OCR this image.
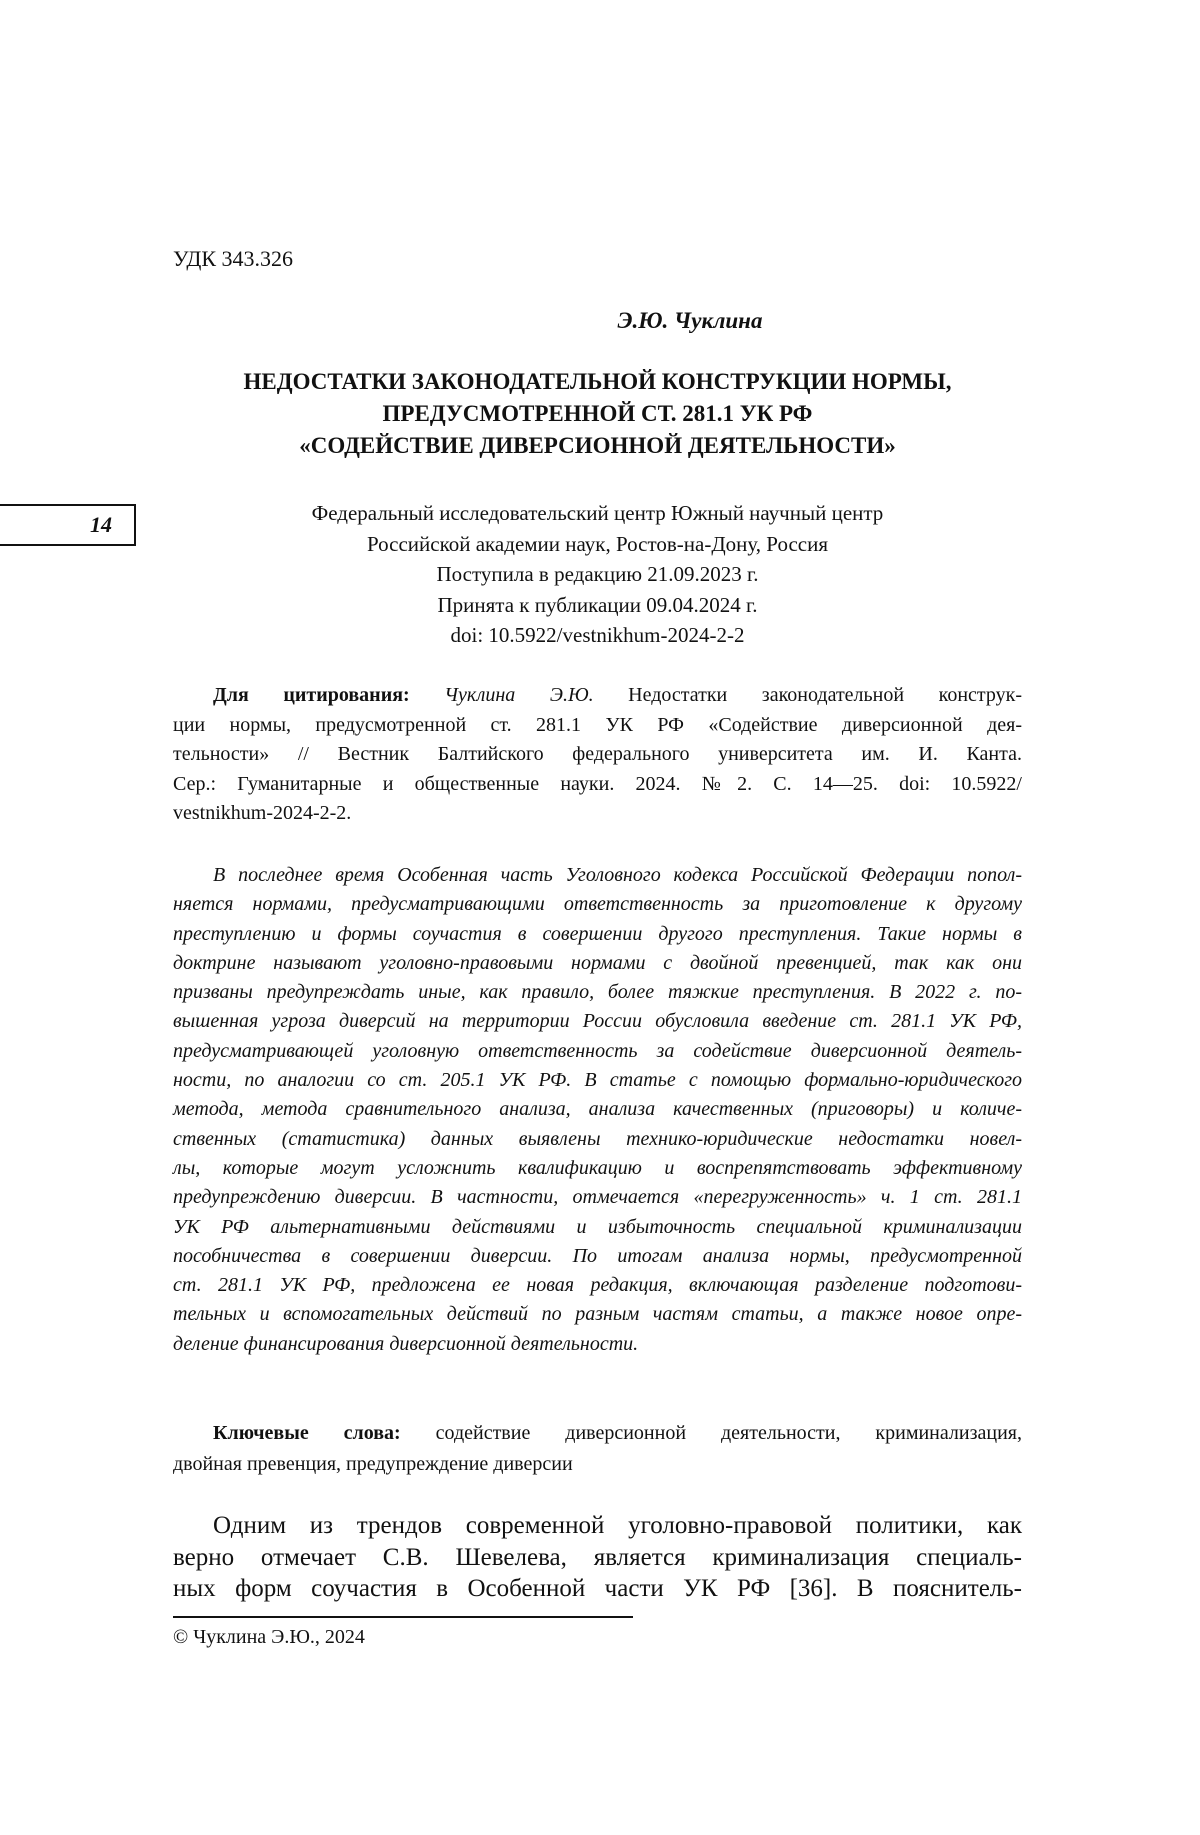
УДК 343.326
Э.Ю. Чуклина
НЕДОСТАТКИ ЗАКОНОДАТЕЛЬНОЙ КОНСТРУКЦИИ НОРМЫ,
ПРЕДУСМОТРЕННОЙ СТ. 281.1 УК РФ
«СОДЕЙСТВИЕ ДИВЕРСИОННОЙ ДЕЯТЕЛЬНОСТИ»
14	Федеральный исследовательский центр Южный научный центр
Российской академии наук, Ростов-на-Дону, Россия
Поступила в редакцию 21.09.2023 г.
Принята к публикации 09.04.2024 г.
doi: 10.5922/vestnikhum-2024-2-2
Для цитирования: Чуклина Э.Ю. Недостатки законодательной конструк-
ции нормы, предусмотренной ст. 281.1 УК РФ «Содействие диверсионной дея-
тельности» // Вестник Балтийского федерального университета им. И. Канта.
Сер.: Гуманитарные и общественные науки. 2024. №2. С. 14—25. doi: 10.5922/
vestnikhum-2024-2-2.
В последнее время Особенная часть Уголовного кодекса Российской Федерации попол-
няется нормами, предусматривающими ответственность за приготовление к другому
преступлению и формы соучастия в совершении другого преступления. Такие нормы в
доктрине называют уголовно-правовыми нормами с двойной превенцией, так как они
призваны предупреждать иные, как правило, более тяжкие преступления. В 2022 г. по-
вышенная угроза диверсий на территории России обусловила введение ст. 281.1 УК РФ,
предусматривающей уголовную ответственность за содействие диверсионной деятель-
ности, по аналогии со ст. 205.1 УК РФ. В статье с помощью формально-юридического
метода, метода сравнительного анализа, анализа качественных (приговоры) и количе-
ственных (статистика) данных выявлены технико-юридические недостатки новел-
лы, которые могут усложнить квалификацию и воспрепятствовать эффективному
предупреждению диверсии. В частности, отмечается «перегруженность» ч. 1 ст. 281.1
УК РФ альтернативными действиями и избыточность специальной криминализации
пособничества в совершении диверсии. По итогам анализа нормы, предусмотренной
ст. 281.1 УК РФ, предложена ее новая редакция, включающая разделение подготови-
тельных и вспомогательных действий по разным частям статьи, а также новое опре-
деление финансирования диверсионной деятельности.
Ключевые слова: содействие диверсионной деятельности, криминализация,
двойная превенция, предупреждение диверсии
Одним из трендов современной уголовно-правовой политики, как
верно отмечает С.В. Шевелева, является криминализация специаль-
ных форм соучастия в Особенной части УК РФ [36]. В пояснитель-
© Чуклина Э.Ю., 2024
